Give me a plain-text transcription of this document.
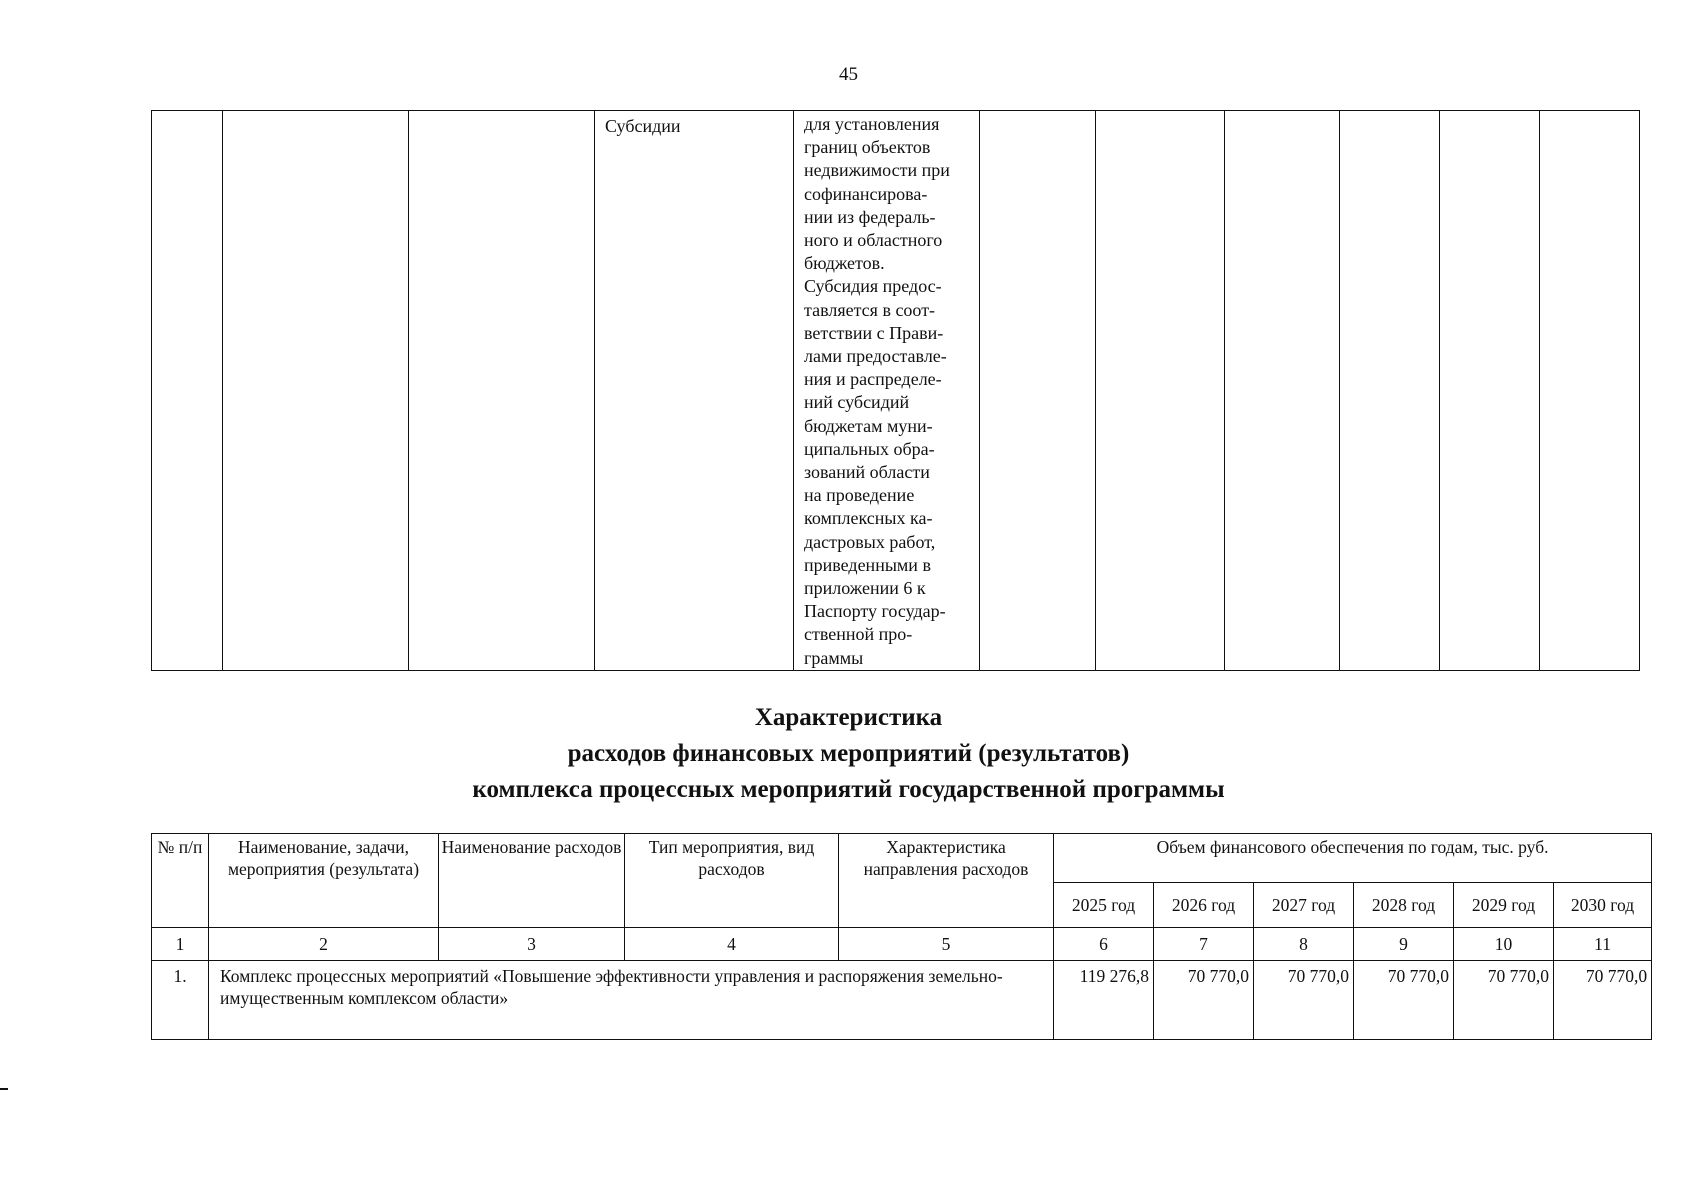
45
			Субсидии	для установления
границ объектов
недвижимости при
софинансирова-
нии из федераль-
ного и областного
бюджетов.
Субсидия предос-
тавляется в соот-
ветствии с Прави-
лами предоставле-
ния и распределе-
ний субсидий
бюджетам муни-
ципальных обра-
зований области
на проведение
комплексных ка-
дастровых работ,
приведенными в
приложении 6 к
Паспорту государ-
ственной про-
граммы

Характеристика
расходов финансовых мероприятий (результатов)
комплекса процессных мероприятий государственной программы
№ п/п	Наименование, задачи, мероприятия (результата)	Наименование расходов	Тип мероприятия, вид расходов	Характеристика направления расходов	Объем финансового обеспечения по годам, тыс. руб.					
					2025 год	2026 год	2027 год	2028 год	2029 год	2030 год
1	2	3	4	5	6	7	8	9	10	11
1.	Комплекс процессных мероприятий «Повышение эффективности управления и распоряжения земельно-имущественным комплексом области»				119 276,8	70 770,0	70 770,0	70 770,0	70 770,0	70 770,0
